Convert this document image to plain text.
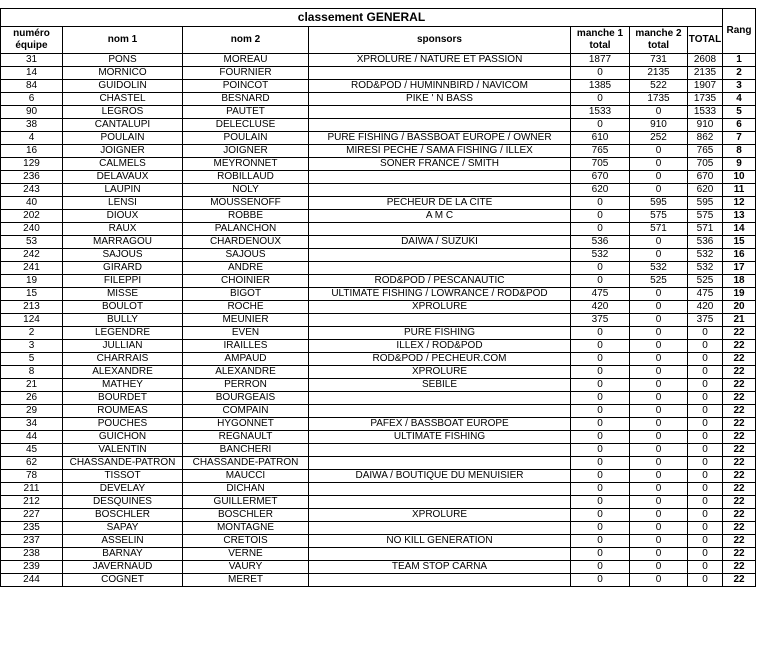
classement GENERAL							Rang
numéro équipe	nom 1	nom 2	sponsors	manche 1 total	manche 2 total	TOTAL	
31	PONS	MOREAU	XPROLURE / NATURE ET PASSION	1877	731	2608	1
14	MORNICO	FOURNIER		0	2135	2135	2
84	GUIDOLIN	POINCOT	ROD&POD / HUMINNBIRD / NAVICOM	1385	522	1907	3
6	CHASTEL	BESNARD	PIKE ' N BASS	0	1735	1735	4
90	LEGROS	PAUTET		1533	0	1533	5
38	CANTALUPI	DELECLUSE		0	910	910	6
4	POULAIN	POULAIN	PURE FISHING / BASSBOAT EUROPE / OWNER	610	252	862	7
16	JOIGNER	JOIGNER	MIRESI PECHE / SAMA FISHING / ILLEX	765	0	765	8
129	CALMELS	MEYRONNET	SONER FRANCE / SMITH	705	0	705	9
236	DELAVAUX	ROBILLAUD		670	0	670	10
243	LAUPIN	NOLY		620	0	620	11
40	LENSI	MOUSSENOFF	PECHEUR DE LA CITE	0	595	595	12
202	DIOUX	ROBBE	A M C	0	575	575	13
240	RAUX	PALANCHON		0	571	571	14
53	MARRAGOU	CHARDENOUX	DAIWA / SUZUKI	536	0	536	15
242	SAJOUS	SAJOUS		532	0	532	16
241	GIRARD	ANDRE		0	532	532	17
19	FILEPPI	CHOINIER	ROD&POD / PESCANAUTIC	0	525	525	18
15	MISSE	BIGOT	ULTIMATE FISHING / LOWRANCE / ROD&POD	475	0	475	19
213	BOULOT	ROCHE	XPROLURE	420	0	420	20
124	BULLY	MEUNIER		375	0	375	21
2	LEGENDRE	EVEN	PURE FISHING	0	0	0	22
3	JULLIAN	IRAILLES	ILLEX / ROD&POD	0	0	0	22
5	CHARRAIS	AMPAUD	ROD&POD / PECHEUR.COM	0	0	0	22
8	ALEXANDRE	ALEXANDRE	XPROLURE	0	0	0	22
21	MATHEY	PERRON	SEBILE	0	0	0	22
26	BOURDET	BOURGEAIS		0	0	0	22
29	ROUMEAS	COMPAIN		0	0	0	22
34	POUCHES	HYGONNET	PAFEX / BASSBOAT EUROPE	0	0	0	22
44	GUICHON	REGNAULT	ULTIMATE FISHING	0	0	0	22
45	VALENTIN	BANCHERI		0	0	0	22
62	CHASSANDE-PATRON	CHASSANDE-PATRON		0	0	0	22
78	TISSOT	MAUCCI	DAIWA / BOUTIQUE DU MENUISIER	0	0	0	22
211	DEVELAY	DICHAN		0	0	0	22
212	DESQUINES	GUILLERMET		0	0	0	22
227	BOSCHLER	BOSCHLER	XPROLURE	0	0	0	22
235	SAPAY	MONTAGNE		0	0	0	22
237	ASSELIN	CRETOIS	NO KILL GENERATION	0	0	0	22
238	BARNAY	VERNE		0	0	0	22
239	JAVERNAUD	VAURY	TEAM STOP CARNA	0	0	0	22
244	COGNET	MERET		0	0	0	22
